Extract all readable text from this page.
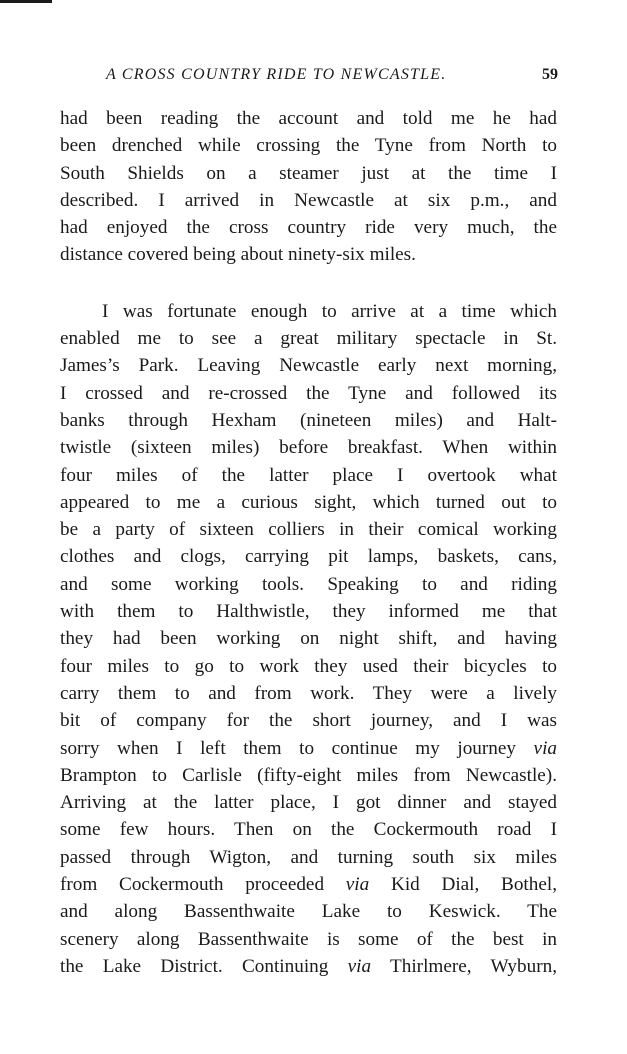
A CROSS COUNTRY RIDE TO NEWCASTLE.	59
had been reading the account and told me he had
been drenched while crossing the Tyne from North to
South Shields on a steamer just at the time I
described. I arrived in Newcastle at six p.m., and
had enjoyed the cross country ride very much, the
distance covered being about ninety-six miles.
I was fortunate enough to arrive at a time which
enabled me to see a great military spectacle in St.
James’s Park. Leaving Newcastle early next morning,
I crossed and re-crossed the Tyne and followed its
banks through Hexham (nineteen miles) and Halt-
twistle (sixteen miles) before breakfast. When within
four miles of the latter place I overtook what
appeared to me a curious sight, which turned out to
be a party of sixteen colliers in their comical working
clothes and clogs, carrying pit lamps, baskets, cans,
and some working tools. Speaking to and riding
with them to Halthwistle, they informed me that
they had been working on night shift, and having
four miles to go to work they used their bicycles to
carry them to and from work. They were a lively
bit of company for the short journey, and I was
sorry when I left them to continue my journey via
Brampton to Carlisle (fifty-eight miles from Newcastle).
Arriving at the latter place, I got dinner and stayed
some few hours. Then on the Cockermouth road I
passed through Wigton, and turning south six miles
from Cockermouth proceeded via Kid Dial, Bothel,
and along Bassenthwaite Lake to Keswick. The
scenery along Bassenthwaite is some of the best in
the Lake District. Continuing via Thirlmere, Wyburn,
